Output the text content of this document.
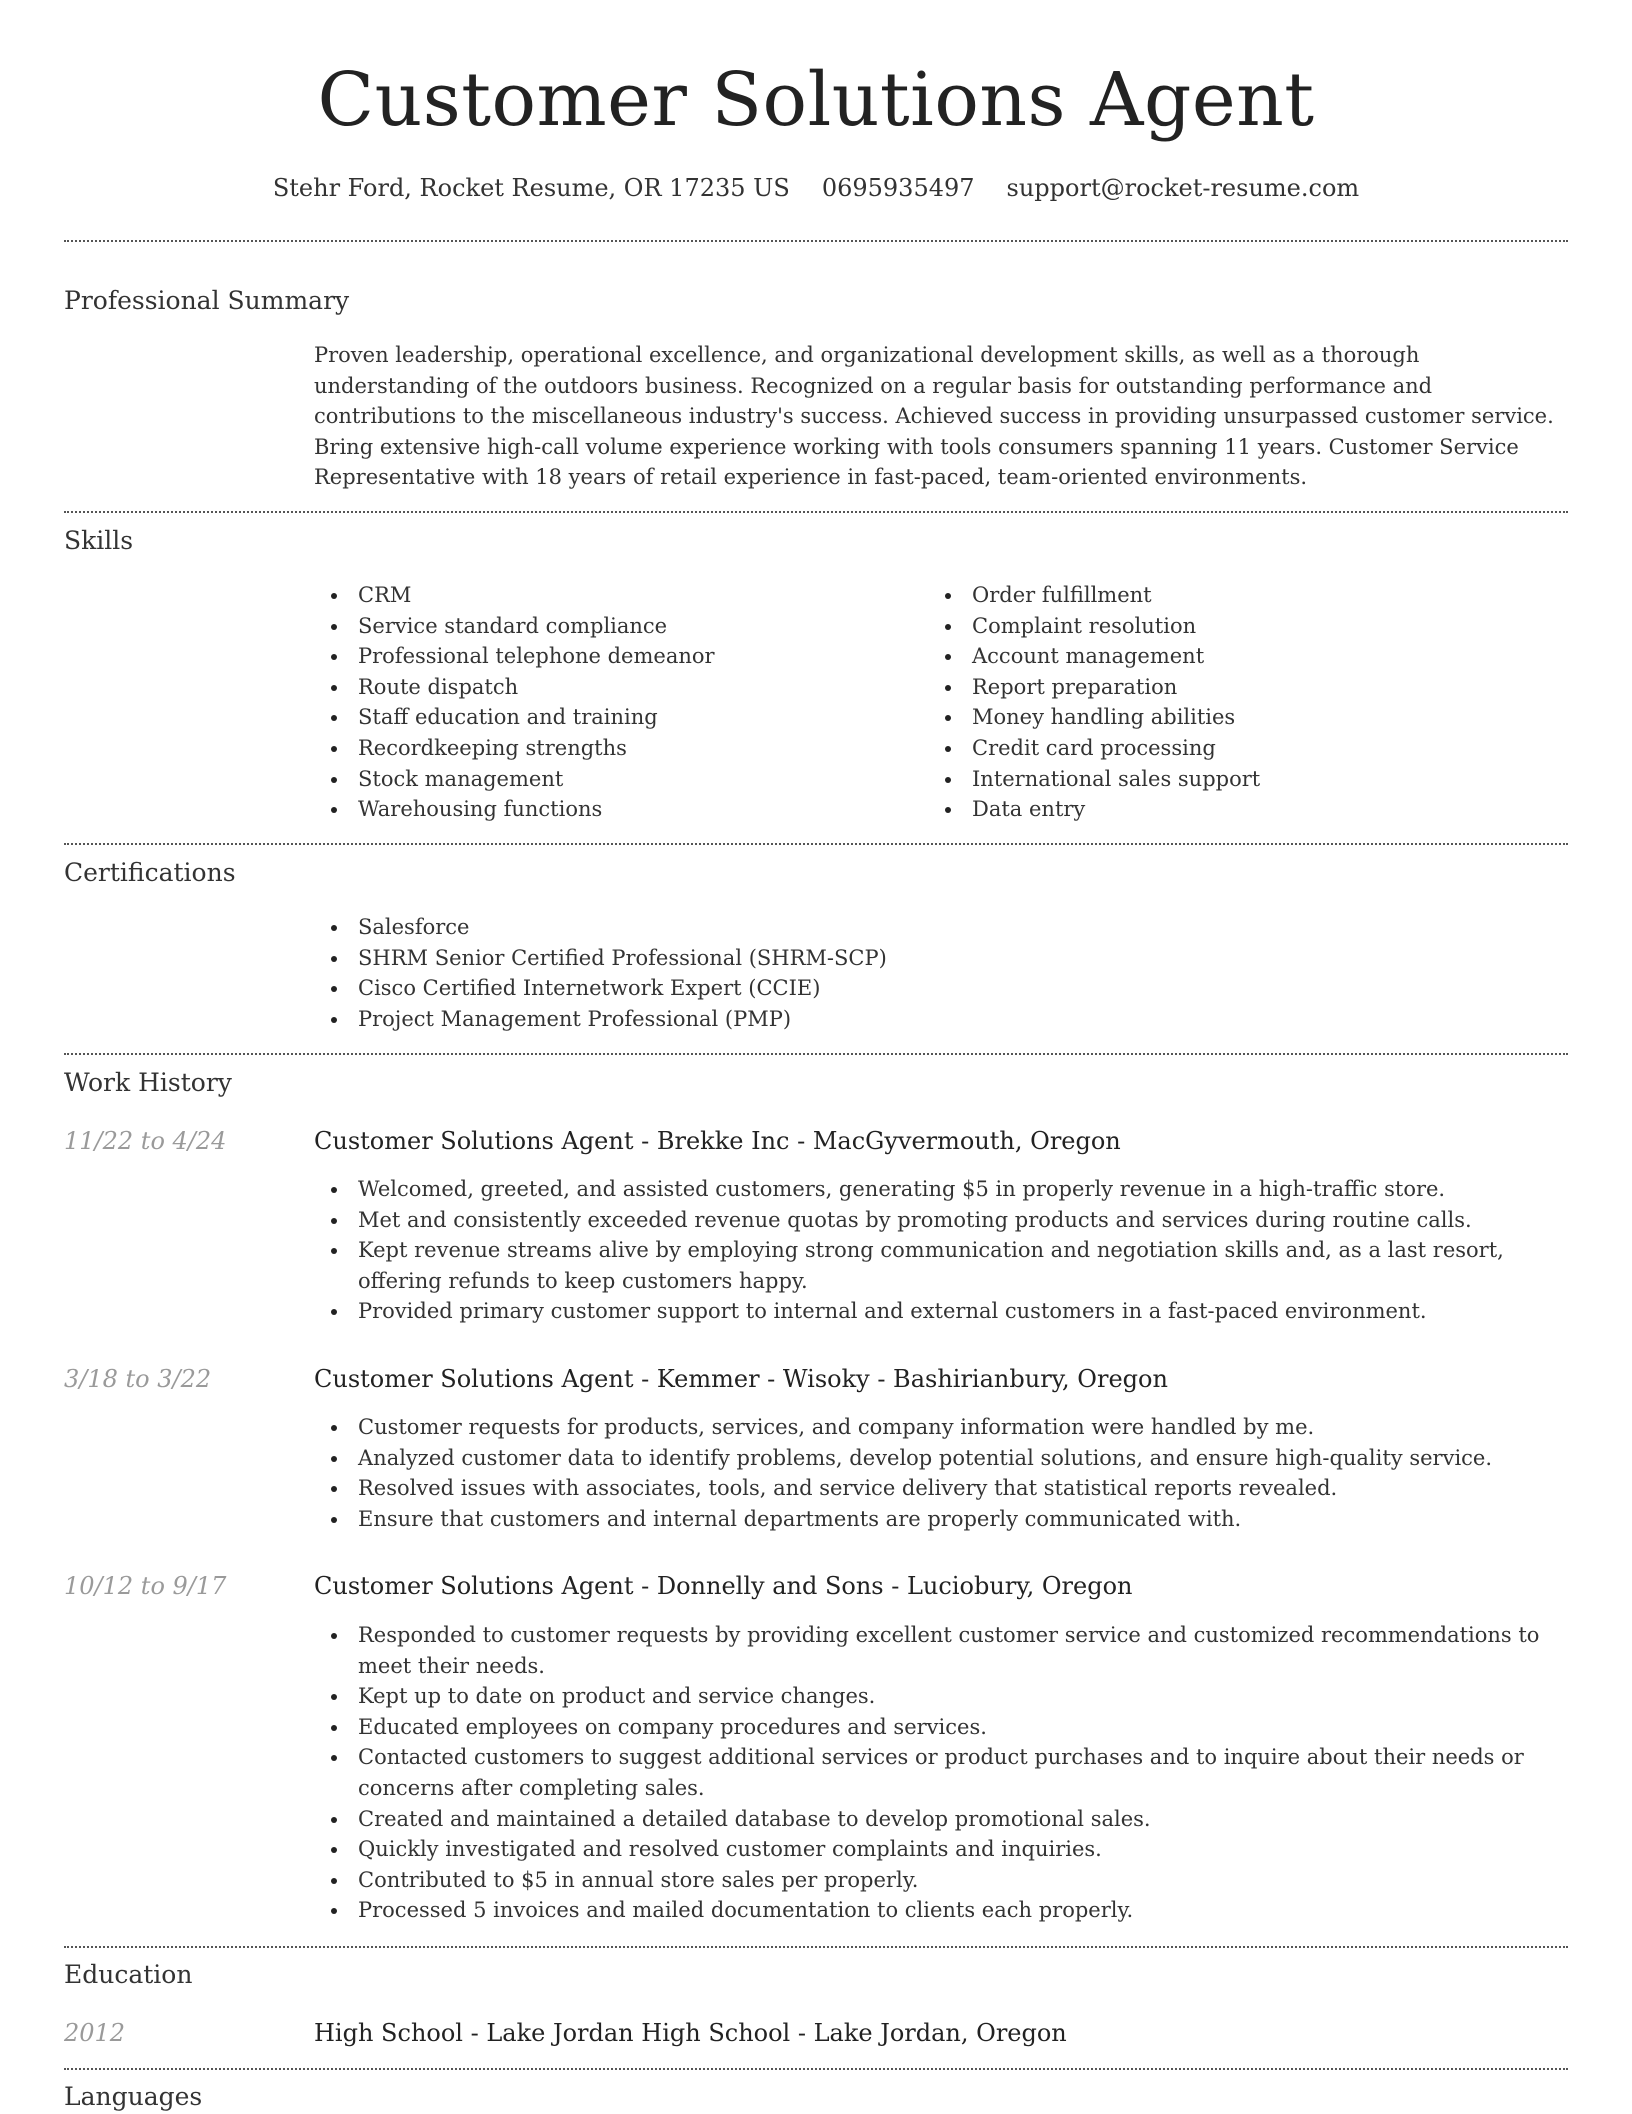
Customer Solutions Agent
Stehr Ford, Rocket Resume, OR 17235 US 0695935497 support@rocket-resume.com
Professional Summary
Proven leadership, operational excellence, and organizational development skills, as well as a thorough understanding of the outdoors business. Recognized on a regular basis for outstanding performance and contributions to the miscellaneous industry's success. Achieved success in providing unsurpassed customer service. Bring extensive high-call volume experience working with tools consumers spanning 11 years. Customer Service Representative with 18 years of retail experience in fast-paced, team-oriented environments.
Skills
CRM
Service standard compliance
Professional telephone demeanor
Route dispatch
Staff education and training
Recordkeeping strengths
Stock management
Warehousing functions
Order fulfillment
Complaint resolution
Account management
Report preparation
Money handling abilities
Credit card processing
International sales support
Data entry
Certifications
Salesforce
SHRM Senior Certified Professional (SHRM-SCP)
Cisco Certified Internetwork Expert (CCIE)
Project Management Professional (PMP)
Work History
11/22 to 4/24	Customer Solutions Agent - Brekke Inc - MacGyvermouth, Oregon
Welcomed, greeted, and assisted customers, generating $5 in properly revenue in a high-traffic store.
Met and consistently exceeded revenue quotas by promoting products and services during routine calls.
Kept revenue streams alive by employing strong communication and negotiation skills and, as a last resort, offering refunds to keep customers happy.
Provided primary customer support to internal and external customers in a fast-paced environment.
3/18 to 3/22	Customer Solutions Agent - Kemmer - Wisoky - Bashirianbury, Oregon
Customer requests for products, services, and company information were handled by me.
Analyzed customer data to identify problems, develop potential solutions, and ensure high-quality service.
Resolved issues with associates, tools, and service delivery that statistical reports revealed.
Ensure that customers and internal departments are properly communicated with.
10/12 to 9/17	Customer Solutions Agent - Donnelly and Sons - Luciobury, Oregon
Responded to customer requests by providing excellent customer service and customized recommendations to meet their needs.
Kept up to date on product and service changes.
Educated employees on company procedures and services.
Contacted customers to suggest additional services or product purchases and to inquire about their needs or concerns after completing sales.
Created and maintained a detailed database to develop promotional sales.
Quickly investigated and resolved customer complaints and inquiries.
Contributed to $5 in annual store sales per properly.
Processed 5 invoices and mailed documentation to clients each properly.
Education
2012	High School - Lake Jordan High School - Lake Jordan, Oregon
Languages
